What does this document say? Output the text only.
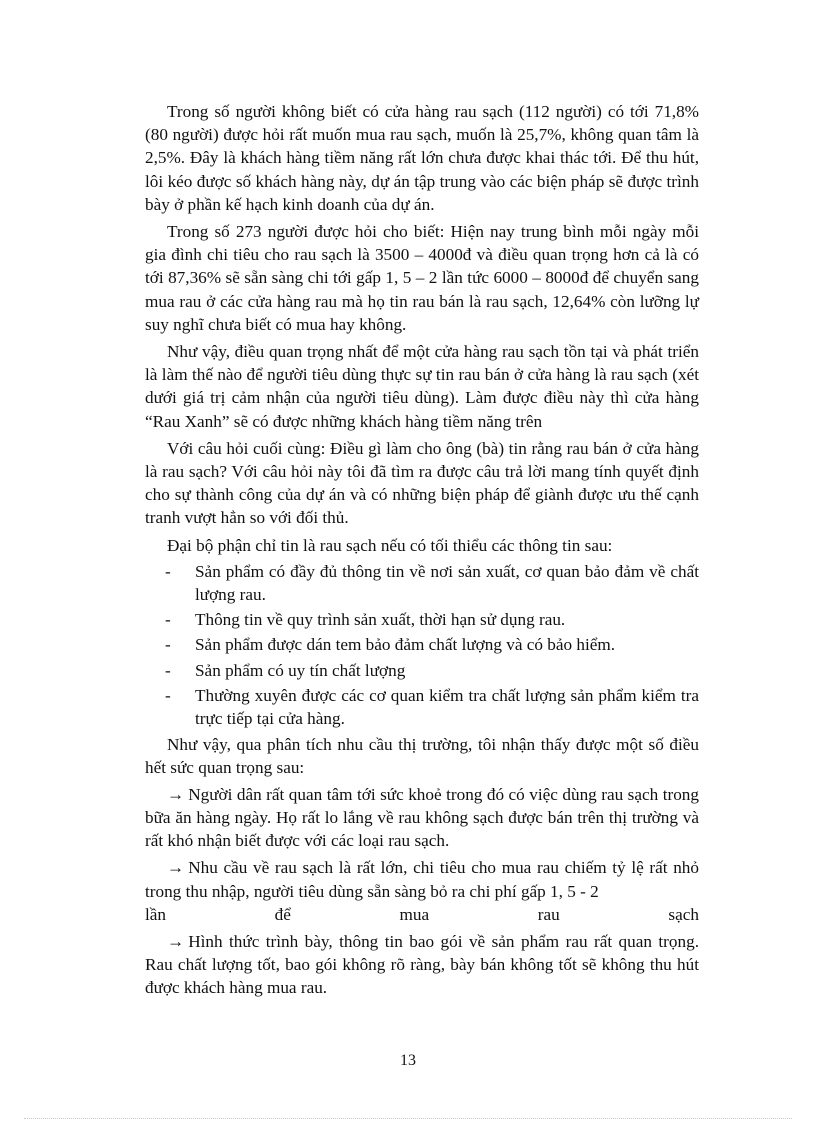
Trong số người không biết có cửa hàng rau sạch (112 người) có tới 71,8% (80 người) được hỏi rất muốn mua rau sạch, muốn là 25,7%, không quan tâm là 2,5%. Đây là khách hàng tiềm năng rất lớn chưa được khai thác tới. Để thu hút, lôi kéo được số khách hàng này, dự án tập trung vào các biện pháp sẽ được trình bày ở phần kế hạch kinh doanh của dự án.

Trong số 273 người được hỏi cho biết: Hiện nay trung bình mỗi ngày mỗi gia đình chi tiêu cho rau sạch là 3500 – 4000đ và điều quan trọng hơn cả là có tới 87,36% sẽ sẵn sàng chi tới gấp 1, 5 – 2 lần tức 6000 – 8000đ để chuyển sang mua rau ở các cửa hàng rau mà họ tin rau bán là rau sạch, 12,64% còn lưỡng lự suy nghĩ chưa biết có mua hay không.

Như vậy, điều quan trọng nhất để một cửa hàng rau sạch tồn tại và phát triển là làm thế nào để người tiêu dùng thực sự tin rau bán ở cửa hàng là rau sạch (xét dưới giá trị cảm nhận của người tiêu dùng). Làm được điều này thì cửa hàng “Rau Xanh” sẽ có được những khách hàng tiềm năng trên

Với câu hỏi cuối cùng: Điều gì làm cho ông (bà) tin rằng rau bán ở cửa hàng là rau sạch? Với câu hỏi này tôi đã tìm ra được câu trả lời mang tính quyết định cho sự thành công của dự án và có những biện pháp để giành được ưu thế cạnh tranh vượt hẳn so với đối thủ.

Đại bộ phận chỉ tin là rau sạch nếu có tối thiểu các thông tin sau:

- Sản phẩm có đầy đủ thông tin về nơi sản xuất, cơ quan bảo đảm về chất lượng rau.
- Thông tin về quy trình sản xuất, thời hạn sử dụng rau.
- Sản phẩm được dán tem bảo đảm chất lượng và có bảo hiểm.
- Sản phẩm có uy tín chất lượng
- Thường xuyên được các cơ quan kiểm tra chất lượng sản phẩm kiểm tra trực tiếp tại cửa hàng.

Như vậy, qua phân tích nhu cầu thị trường, tôi nhận thấy được một số điều hết sức quan trọng sau:

→ Người dân rất quan tâm tới sức khoẻ trong đó có việc dùng rau sạch trong bữa ăn hàng ngày. Họ rất lo lắng về rau không sạch được bán trên thị trường và rất khó nhận biết được với các loại rau sạch.

→ Nhu cầu về rau sạch là rất lớn, chi tiêu cho mua rau chiếm tỷ lệ rất nhỏ trong thu nhập, người tiêu dùng sẵn sàng bỏ ra chi phí gấp 1, 5 - 2
lần	để	mua	rau	sạch

→ Hình thức trình bày, thông tin bao gói về sản phẩm rau rất quan trọng. Rau chất lượng tốt, bao gói không rõ ràng, bày bán không tốt sẽ không thu hút được khách hàng mua rau.

13
